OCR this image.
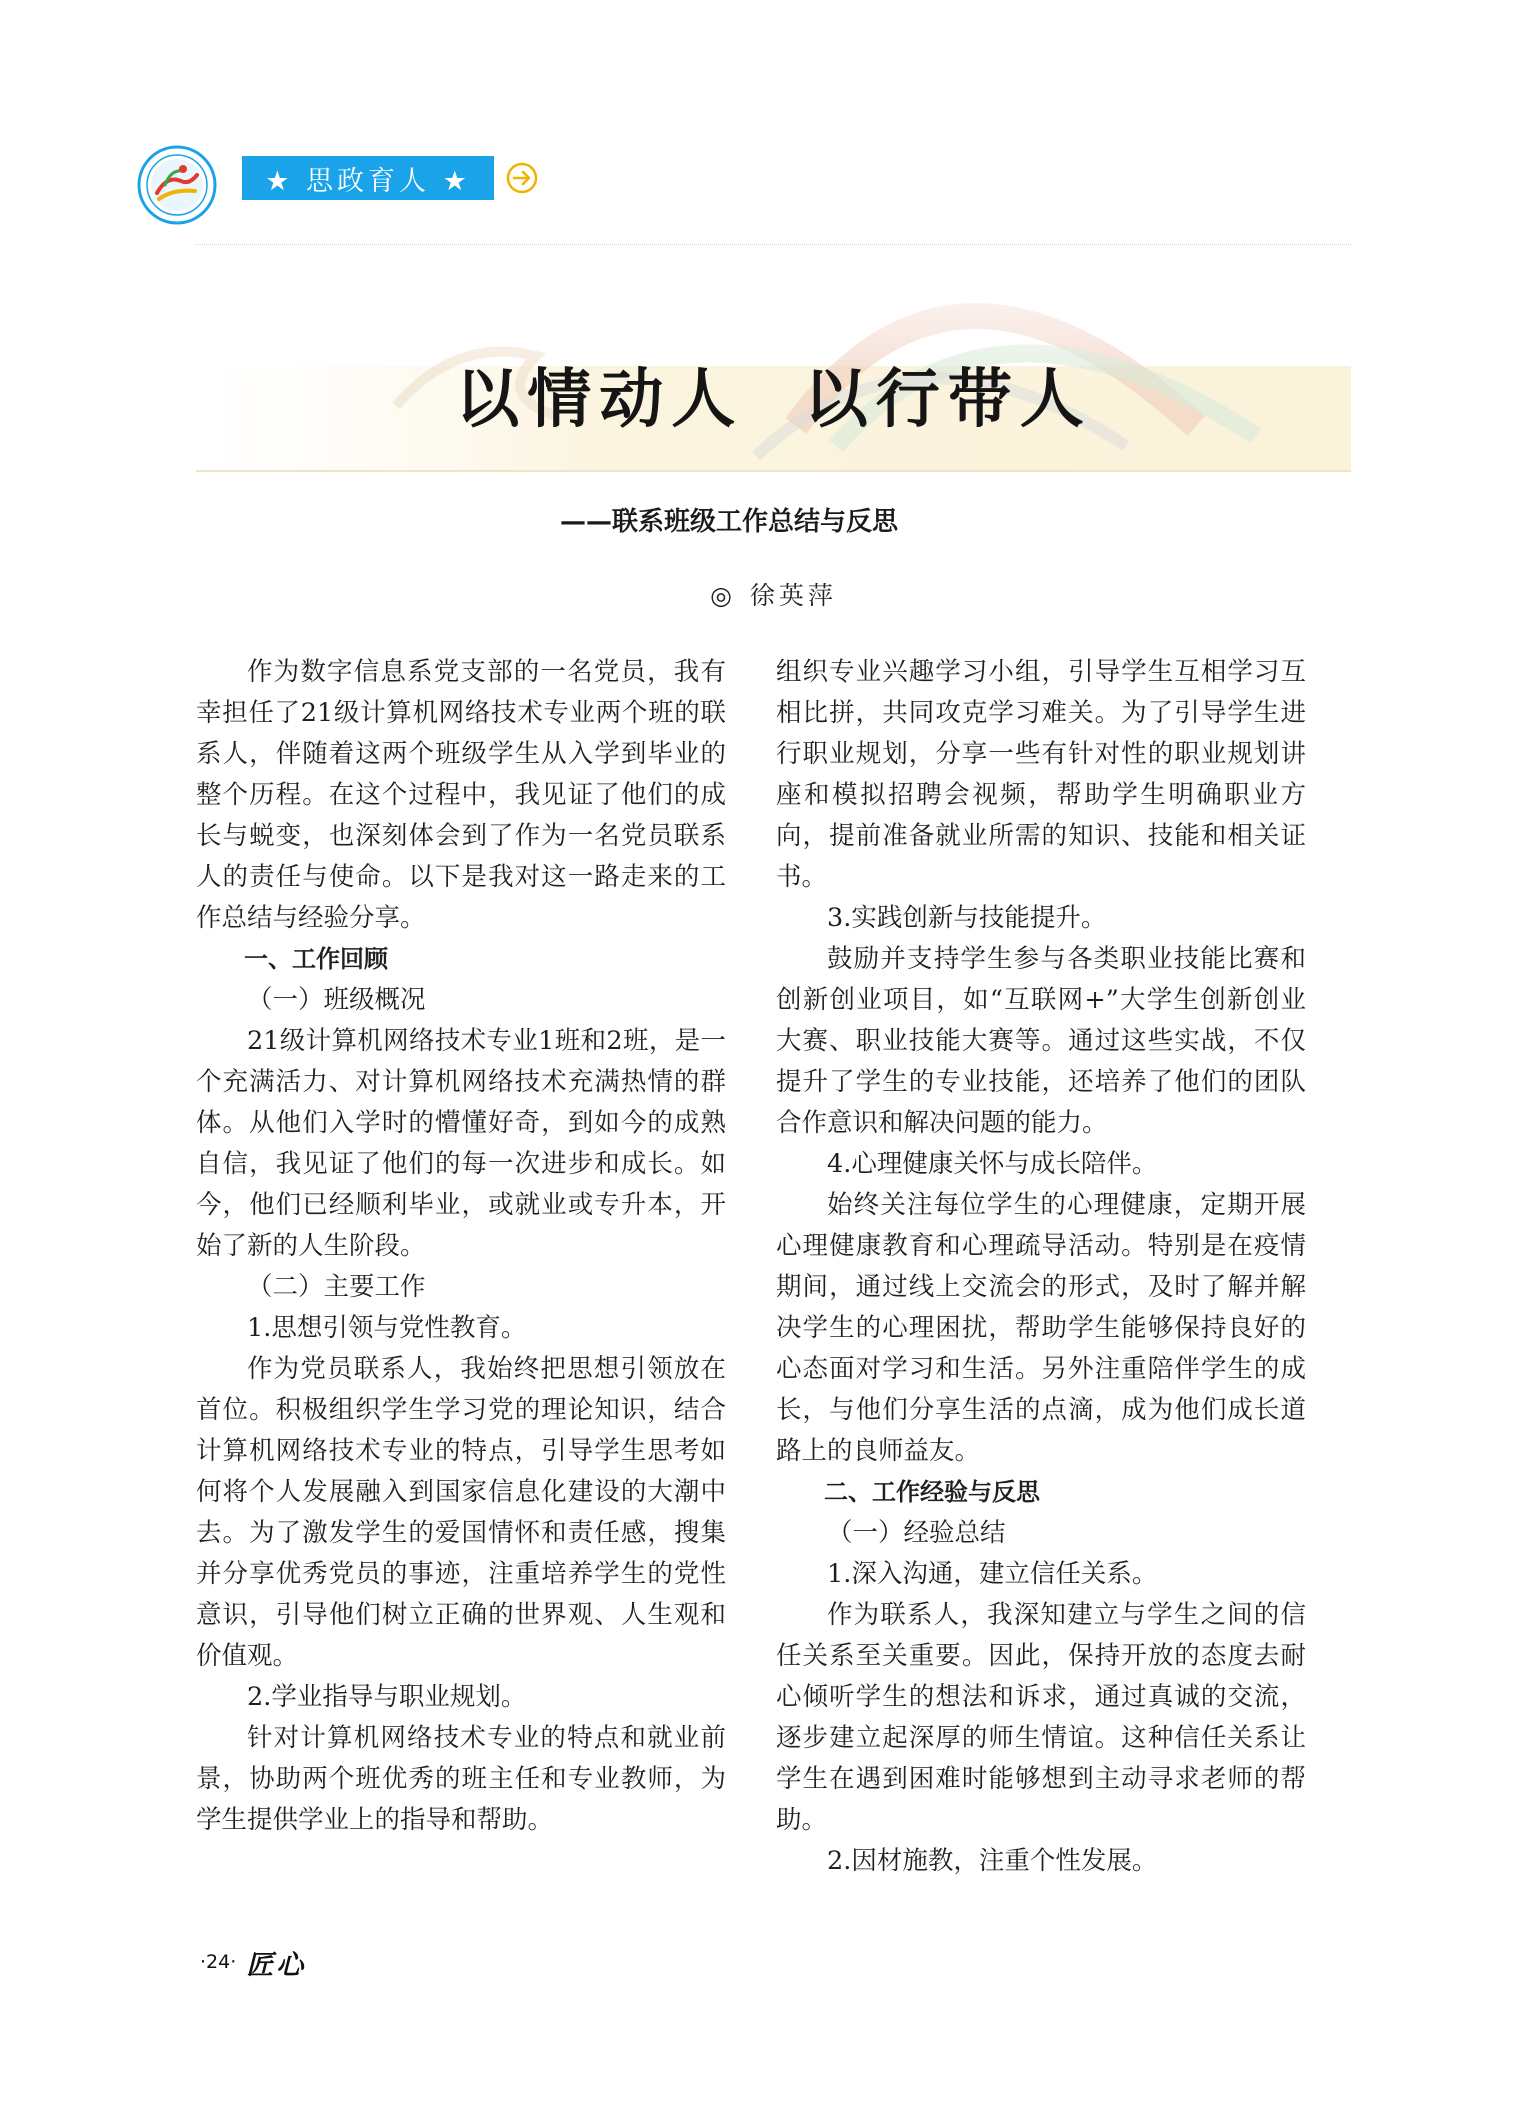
★ 思政育人 ★
以情动人  以行带人
——联系班级工作总结与反思
◎ 徐英萍

作为数字信息系党支部的一名党员，我有幸担任了21级计算机网络技术专业两个班的联系人，伴随着这两个班级学生从入学到毕业的整个历程。在这个过程中，我见证了他们的成长与蜕变，也深刻体会到了作为一名党员联系人的责任与使命。以下是我对这一路走来的工作总结与经验分享。

一、工作回顾

（一）班级概况

21级计算机网络技术专业1班和2班，是一个充满活力、对计算机网络技术充满热情的群体。从他们入学时的懵懂好奇，到如今的成熟自信，我见证了他们的每一次进步和成长。如今，他们已经顺利毕业，或就业或专升本，开始了新的人生阶段。

（二）主要工作

1.思想引领与党性教育。

作为党员联系人，我始终把思想引领放在首位。积极组织学生学习党的理论知识，结合计算机网络技术专业的特点，引导学生思考如何将个人发展融入到国家信息化建设的大潮中去。为了激发学生的爱国情怀和责任感，搜集并分享优秀党员的事迹，注重培养学生的党性意识，引导他们树立正确的世界观、人生观和价值观。

2.学业指导与职业规划。

针对计算机网络技术专业的特点和就业前景，协助两个班优秀的班主任和专业教师，为学生提供学业上的指导和帮助。

组织专业兴趣学习小组，引导学生互相学习互相比拼，共同攻克学习难关。为了引导学生进行职业规划，分享一些有针对性的职业规划讲座和模拟招聘会视频，帮助学生明确职业方向，提前准备就业所需的知识、技能和相关证书。

3.实践创新与技能提升。

鼓励并支持学生参与各类职业技能比赛和创新创业项目，如“互联网+”大学生创新创业大赛、职业技能大赛等。通过这些实战，不仅提升了学生的专业技能，还培养了他们的团队合作意识和解决问题的能力。

4.心理健康关怀与成长陪伴。

始终关注每位学生的心理健康，定期开展心理健康教育和心理疏导活动。特别是在疫情期间，通过线上交流会的形式，及时了解并解决学生的心理困扰，帮助学生能够保持良好的心态面对学习和生活。另外注重陪伴学生的成长，与他们分享生活的点滴，成为他们成长道路上的良师益友。

二、工作经验与反思

（一）经验总结

1.深入沟通，建立信任关系。

作为联系人，我深知建立与学生之间的信任关系至关重要。因此，保持开放的态度去耐心倾听学生的想法和诉求，通过真诚的交流，逐步建立起深厚的师生情谊。这种信任关系让学生在遇到困难时能够想到主动寻求老师的帮助。

2.因材施教，注重个性发展。

·24· 匠心
